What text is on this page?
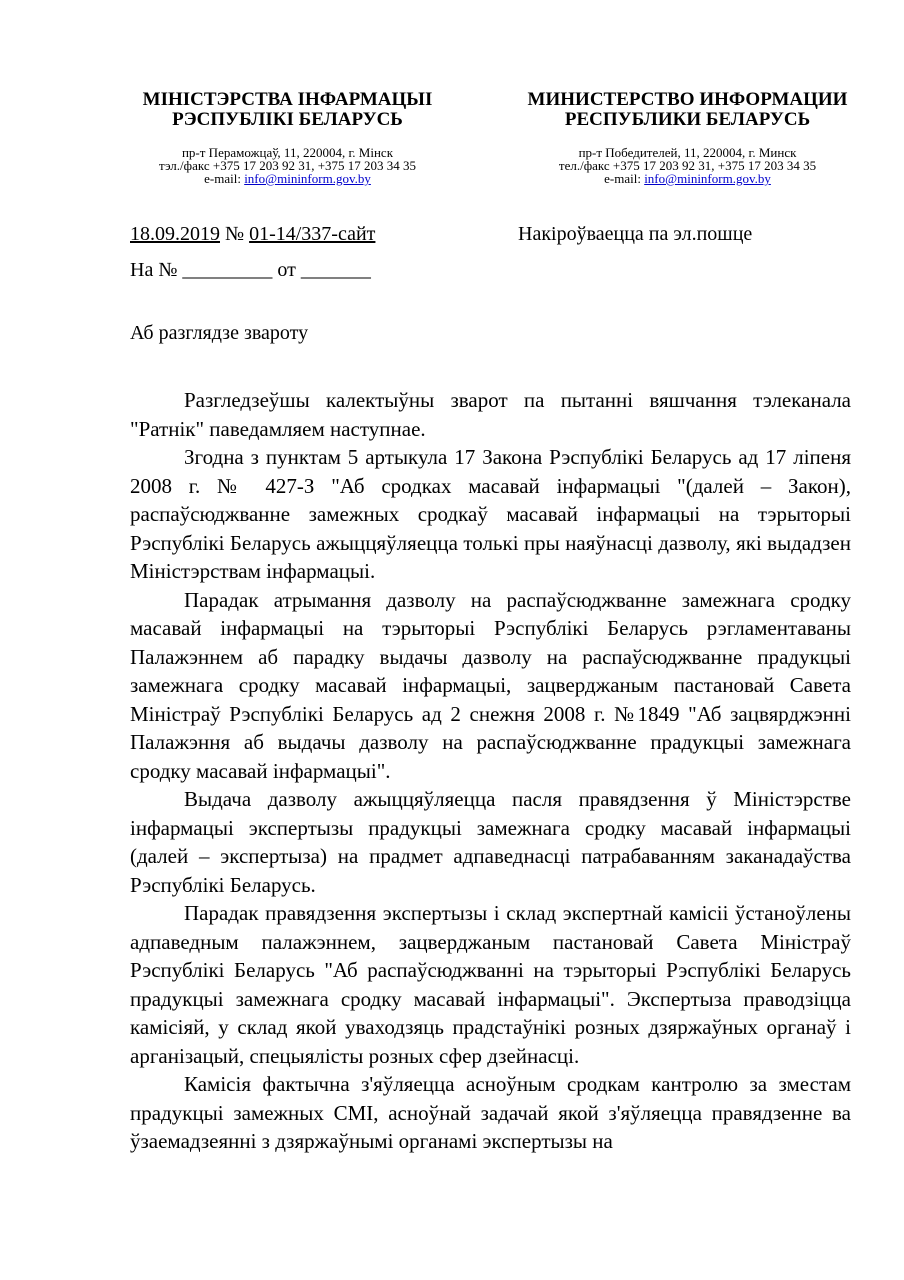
МІНІСТЭРСТВА ІНФАРМАЦЫІ
РЭСПУБЛІКІ БЕЛАРУСЬ
пр-т Пераможцаў, 11, 220004, г. Мінск
тэл./факс +375 17 203 92 31, +375 17 203 34 35
e-mail: info@mininform.gov.by
МИНИСТЕРСТВО ИНФОРМАЦИИ
РЕСПУБЛИКИ БЕЛАРУСЬ
пр-т Победителей, 11, 220004, г. Минск
тел./факс +375 17 203 92 31, +375 17 203 34 35
e-mail: info@mininform.gov.by
18.09.2019 № 01-14/337-сайт	Накіроўваецца па эл.пошце
На № _________ от _______
Аб разглядзе звароту

Разгледзеўшы калектыўны зварот па пытанні вяшчання тэлеканала "Ратнік" паведамляем наступнае.

Згодна з пунктам 5 артыкула 17 Закона Рэспублікі Беларусь ад 17 ліпеня 2008 г. № 427-З "Аб сродках масавай інфармацыі "(далей – Закон), распаўсюджванне замежных сродкаў масавай інфармацыі на тэрыторыі Рэспублікі Беларусь ажыццяўляецца толькі пры наяўнасці дазволу, які выдадзен Міністэрствам інфармацыі.

Парадак атрымання дазволу на распаўсюджванне замежнага сродку масавай інфармацыі на тэрыторыі Рэспублікі Беларусь рэгламентаваны Палажэннем аб парадку выдачы дазволу на распаўсюджванне прадукцыі замежнага сродку масавай інфармацыі, зацверджаным пастановай Савета Міністраў Рэспублікі Беларусь ад 2 снежня 2008 г. №1849 "Аб зацвярджэнні Палажэння аб выдачы дазволу на распаўсюджванне прадукцыі замежнага сродку масавай інфармацыі".

Выдача дазволу ажыццяўляецца пасля правядзення ў Міністэрстве інфармацыі экспертызы прадукцыі замежнага сродку масавай інфармацыі (далей – экспертыза) на прадмет адпаведнасці патрабаванням заканадаўства Рэспублікі Беларусь.

Парадак правядзення экспертызы і склад экспертнай камісіі ўстаноўлены адпаведным палажэннем, зацверджаным пастановай Савета Міністраў Рэспублікі Беларусь "Аб распаўсюджванні на тэрыторыі Рэспублікі Беларусь прадукцыі замежнага сродку масавай інфармацыі". Экспертыза праводзіцца камісіяй, у склад якой уваходзяць прадстаўнікі розных дзяржаўных органаў і арганізацый, спецыялісты розных сфер дзейнасці.

Камісія фактычна з'яўляецца асноўным сродкам кантролю за зместам прадукцыі замежных СМІ, асноўнай задачай якой з'яўляецца правядзенне ва ўзаемадзеянні з дзяржаўнымі органамі экспертызы на
